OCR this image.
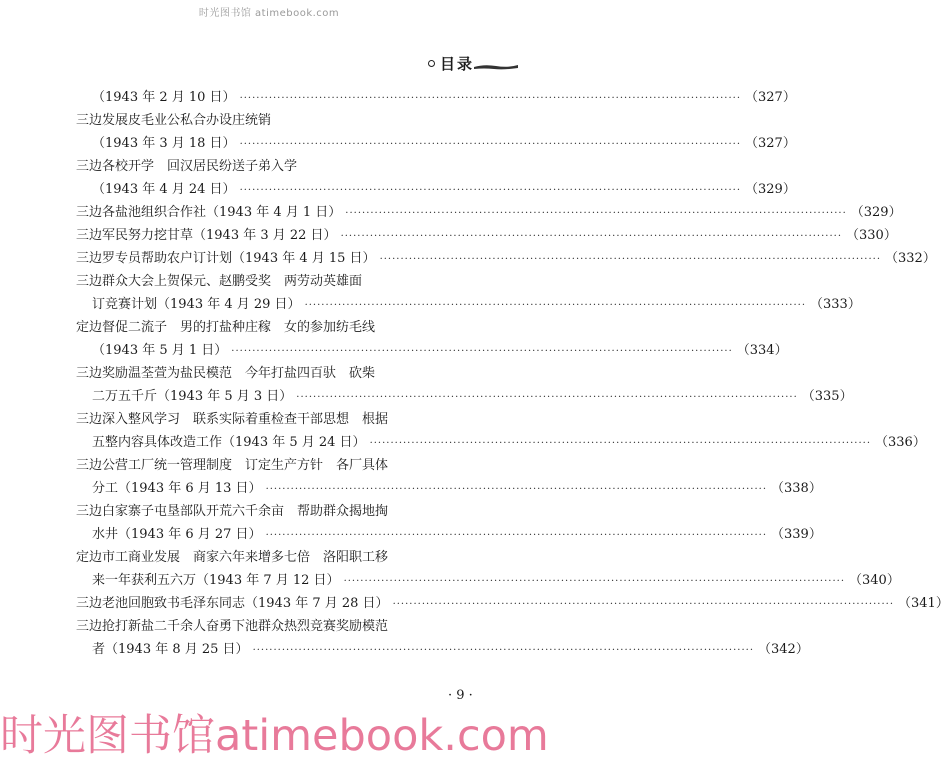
时光图书馆 atimebook.com
目录
（1943 年 2 月 10 日） ························································································································ （327）
三边发展皮毛业公私合办设庄统销
（1943 年 3 月 18 日） ························································································································ （327）
三边各校开学　回汉居民纷送子弟入学
（1943 年 4 月 24 日） ························································································································ （329）
三边各盐池组织合作社（1943 年 4 月 1 日） ························································································································ （329）
三边军民努力挖甘草（1943 年 3 月 22 日） ························································································································ （330）
三边罗专员帮助农户订计划（1943 年 4 月 15 日） ························································································································ （332）
三边群众大会上贺保元、赵鹏受奖　两劳动英雄面
订竞赛计划（1943 年 4 月 29 日） ························································································································ （333）
定边督促二流子　男的打盐种庄稼　女的参加纺毛线
（1943 年 5 月 1 日） ························································································································ （334）
三边奖励温荃萱为盐民模范　今年打盐四百驮　砍柴
二万五千斤（1943 年 5 月 3 日） ························································································································ （335）
三边深入整风学习　联系实际着重检查干部思想　根据
五整内容具体改造工作（1943 年 5 月 24 日） ························································································································ （336）
三边公营工厂统一管理制度　订定生产方针　各厂具体
分工（1943 年 6 月 13 日） ························································································································ （338）
三边白家寨子屯垦部队开荒六千余亩　帮助群众揭地掏
水井（1943 年 6 月 27 日） ························································································································ （339）
定边市工商业发展　商家六年来增多七倍　洛阳职工移
来一年获利五六万（1943 年 7 月 12 日） ························································································································ （340）
三边老池回胞致书毛泽东同志（1943 年 7 月 28 日） ························································································································ （341）
三边抢打新盐二千余人奋勇下池群众热烈竞赛奖励模范
者（1943 年 8 月 25 日） ························································································································ （342）
· 9 ·
时光图书馆atimebook.com
